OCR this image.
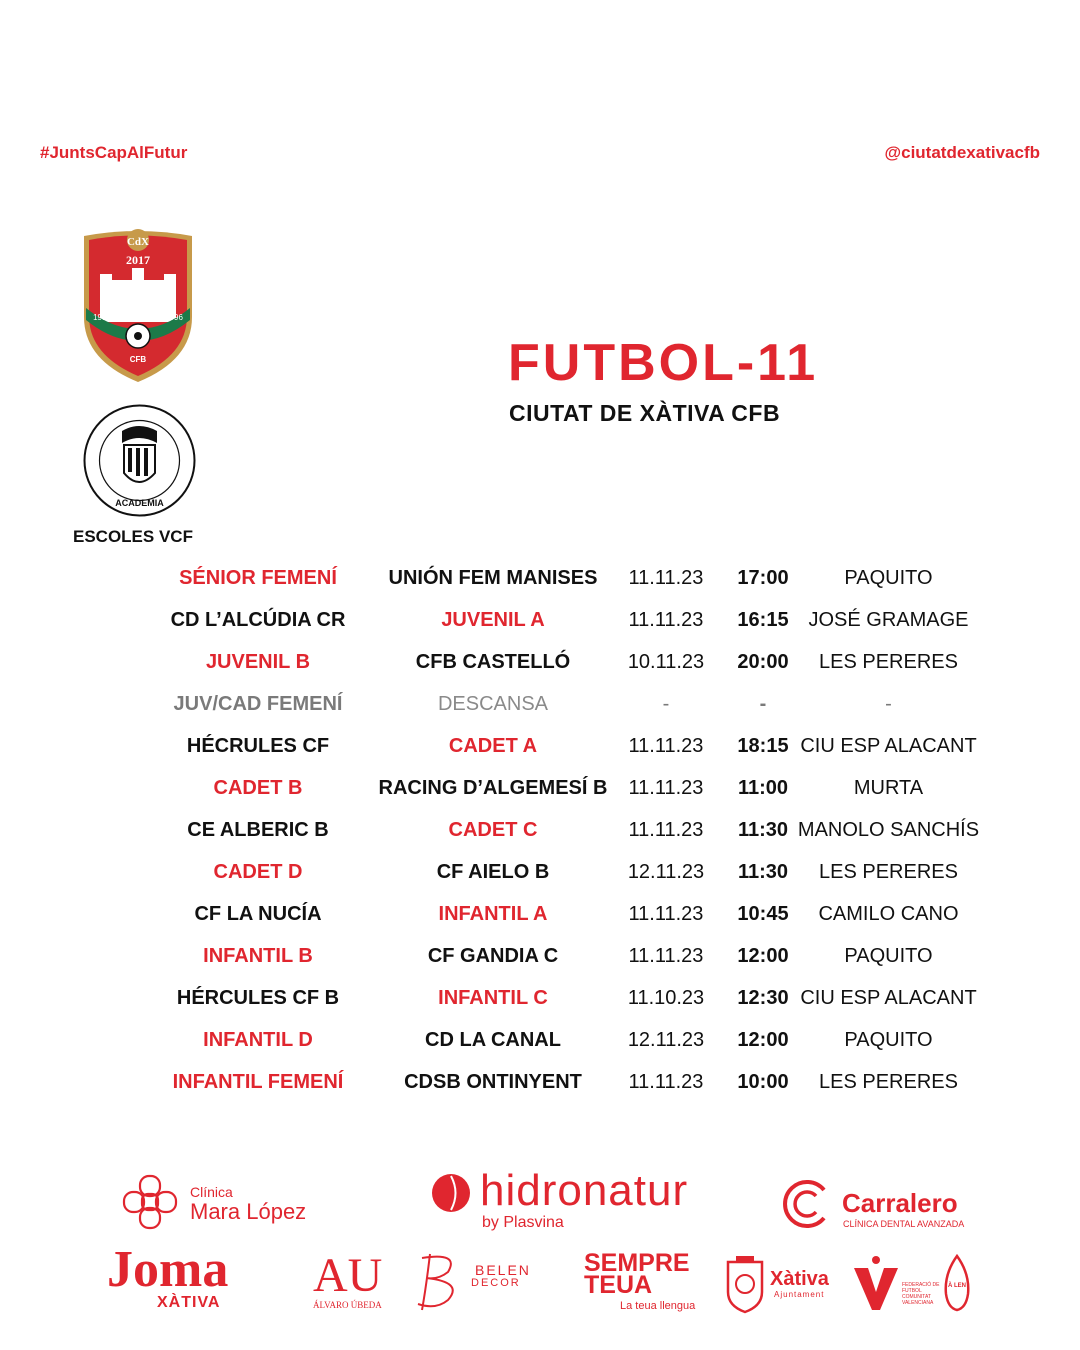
#JuntsCapAlFutur	@ciutatdexativacfb
CdX
2017
1994	1996
CFB
ACADEMIA
ESCOLES VCF
FUTBOL-11
CIUTAT DE XÀTIVA CFB
SÉNIOR FEMENÍ	UNIÓN FEM MANISES	11.11.23	17:00	PAQUITO
CD L’ALCÚDIA CR	JUVENIL A	11.11.23	16:15 JOSÉ GRAMAGE
JUVENIL B	CFB CASTELLÓ	10.11.23	20:00	LES PERERES
JUV/CAD FEMENÍ	DESCANSA	-	-	-
HÉCRULES CF	CADET A	11.11.23	18:15 CIU ESP ALACANT
CADET B	RACING D’ALGEMESÍ B	11.11.23	11:00	MURTA
CE ALBERIC B	CADET C	11.11.23	11:30 MANOLO SANCHÍS
CADET D	CF AIELO B	12.11.23	11:30	LES PERERES
CF LA NUCÍA	INFANTIL A	11.11.23	10:45	CAMILO CANO
INFANTIL B	CF GANDIA C	11.11.23	12:00	PAQUITO
HÉRCULES CF B	INFANTIL C	11.10.23	12:30 CIU ESP ALACANT
INFANTIL D	CD LA CANAL	12.11.23	12:00	PAQUITO
INFANTIL FEMENÍ	CDSB ONTINYENT	11.11.23	10:00	LES PERERES
Clínica
Mara López	hidronatur
by Plasvina
Carralero
CLÍNICA DENTAL AVANZADA
Joma
XÀTIVA
AU
ÁLVARO ÚBEDA
BELEN
DECOR
SEMPRE
TEUA
La teua llengua
Xàtiva
Ajuntament
FEDERACIÓ DE FUTBOL COMUNITAT VALENCIANA
À LEN
